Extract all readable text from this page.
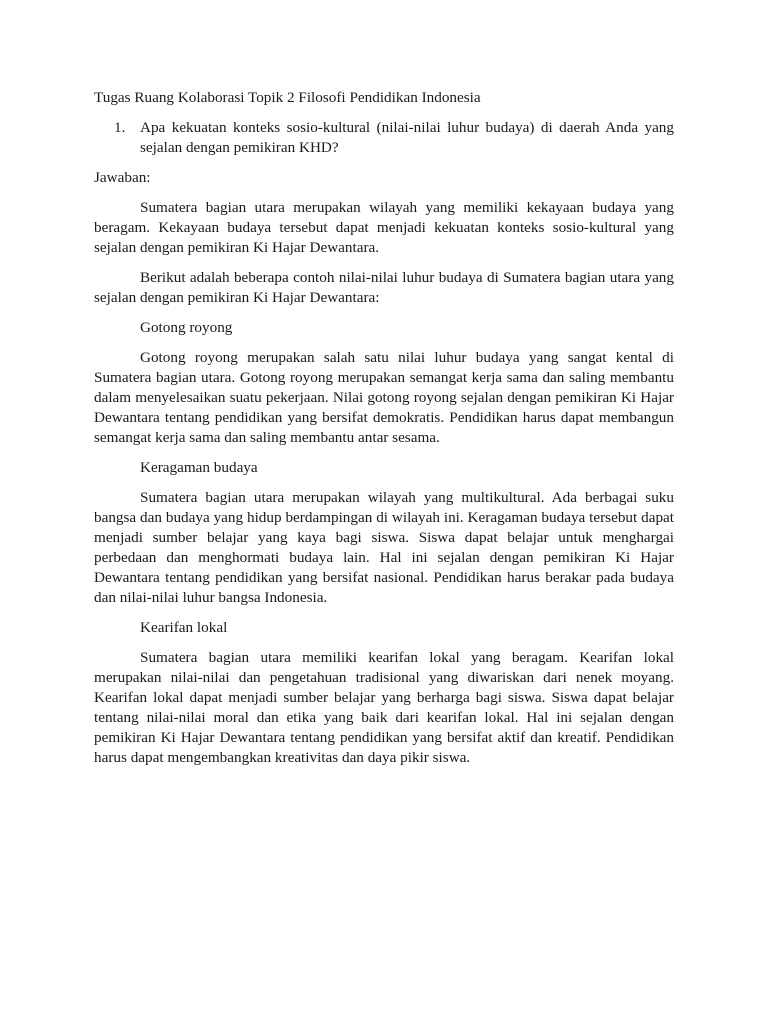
Tugas Ruang Kolaborasi Topik 2 Filosofi Pendidikan Indonesia

1. Apa kekuatan konteks sosio-kultural (nilai-nilai luhur budaya) di daerah Anda yang sejalan dengan pemikiran KHD?

Jawaban:

Sumatera bagian utara merupakan wilayah yang memiliki kekayaan budaya yang beragam. Kekayaan budaya tersebut dapat menjadi kekuatan konteks sosio-kultural yang sejalan dengan pemikiran Ki Hajar Dewantara.

Berikut adalah beberapa contoh nilai-nilai luhur budaya di Sumatera bagian utara yang sejalan dengan pemikiran Ki Hajar Dewantara:

Gotong royong

Gotong royong merupakan salah satu nilai luhur budaya yang sangat kental di Sumatera bagian utara. Gotong royong merupakan semangat kerja sama dan saling membantu dalam menyelesaikan suatu pekerjaan. Nilai gotong royong sejalan dengan pemikiran Ki Hajar Dewantara tentang pendidikan yang bersifat demokratis. Pendidikan harus dapat membangun semangat kerja sama dan saling membantu antar sesama.

Keragaman budaya

Sumatera bagian utara merupakan wilayah yang multikultural. Ada berbagai suku bangsa dan budaya yang hidup berdampingan di wilayah ini. Keragaman budaya tersebut dapat menjadi sumber belajar yang kaya bagi siswa. Siswa dapat belajar untuk menghargai perbedaan dan menghormati budaya lain. Hal ini sejalan dengan pemikiran Ki Hajar Dewantara tentang pendidikan yang bersifat nasional. Pendidikan harus berakar pada budaya dan nilai-nilai luhur bangsa Indonesia.

Kearifan lokal

Sumatera bagian utara memiliki kearifan lokal yang beragam. Kearifan lokal merupakan nilai-nilai dan pengetahuan tradisional yang diwariskan dari nenek moyang. Kearifan lokal dapat menjadi sumber belajar yang berharga bagi siswa. Siswa dapat belajar tentang nilai-nilai moral dan etika yang baik dari kearifan lokal. Hal ini sejalan dengan pemikiran Ki Hajar Dewantara tentang pendidikan yang bersifat aktif dan kreatif. Pendidikan harus dapat mengembangkan kreativitas dan daya pikir siswa.
